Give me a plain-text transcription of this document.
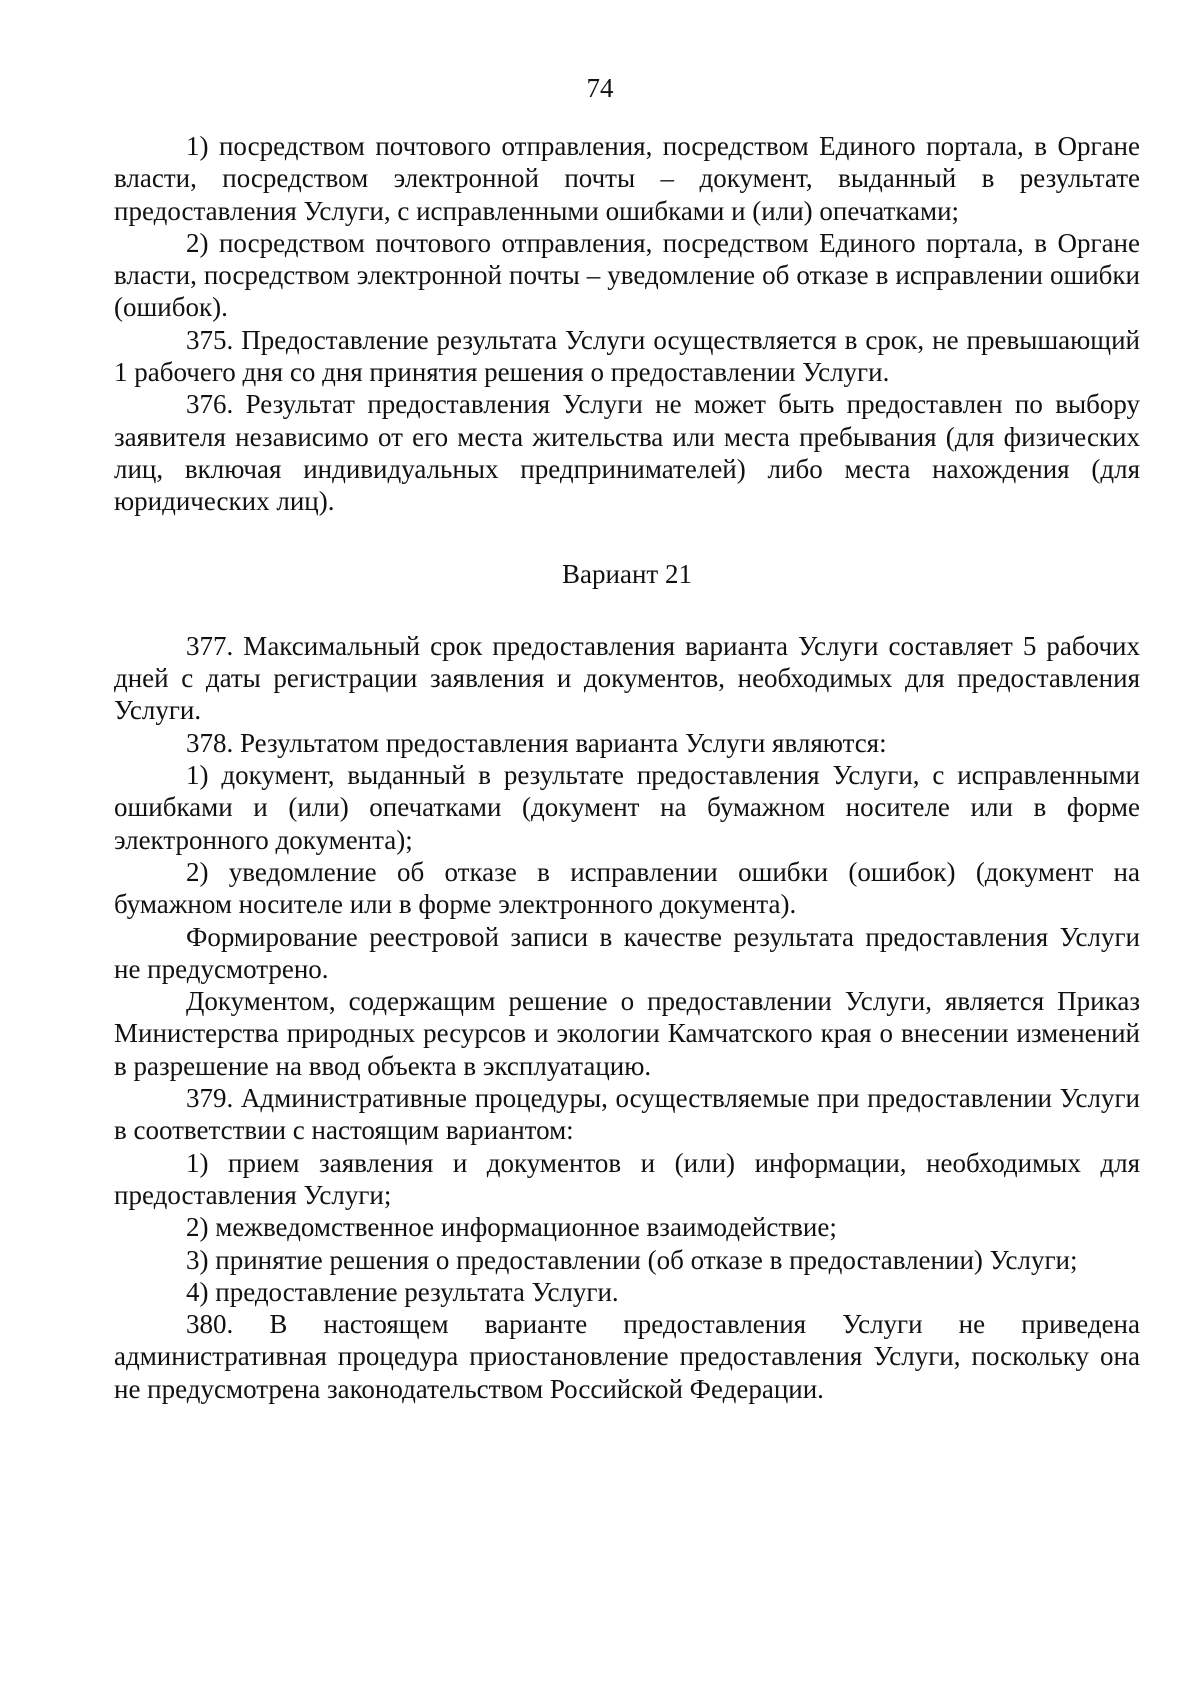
74

1) посредством почтового отправления, посредством Единого портала, в Органе власти, посредством электронной почты – документ, выданный в результате предоставления Услуги, с исправленными ошибками и (или) опечатками;

2) посредством почтового отправления, посредством Единого портала, в Органе власти, посредством электронной почты – уведомление об отказе в исправлении ошибки (ошибок).

375. Предоставление результата Услуги осуществляется в срок, не превышающий 1 рабочего дня со дня принятия решения о предоставлении Услуги.

376. Результат предоставления Услуги не может быть предоставлен по выбору заявителя независимо от его места жительства или места пребывания (для физических лиц, включая индивидуальных предпринимателей) либо места нахождения (для юридических лиц).

Вариант 21

377. Максимальный срок предоставления варианта Услуги составляет 5 рабочих дней с даты регистрации заявления и документов, необходимых для предоставления Услуги.

378. Результатом предоставления варианта Услуги являются:

1) документ, выданный в результате предоставления Услуги, с исправленными ошибками и (или) опечатками (документ на бумажном носителе или в форме электронного документа);

2) уведомление об отказе в исправлении ошибки (ошибок) (документ на бумажном носителе или в форме электронного документа).

Формирование реестровой записи в качестве результата предоставления Услуги не предусмотрено.

Документом, содержащим решение о предоставлении Услуги, является Приказ Министерства природных ресурсов и экологии Камчатского края о внесении изменений в разрешение на ввод объекта в эксплуатацию.

379. Административные процедуры, осуществляемые при предоставлении Услуги в соответствии с настоящим вариантом:

1) прием заявления и документов и (или) информации, необходимых для предоставления Услуги;

2) межведомственное информационное взаимодействие;

3) принятие решения о предоставлении (об отказе в предоставлении) Услуги;

4) предоставление результата Услуги.

380. В настоящем варианте предоставления Услуги не приведена административная процедура приостановление предоставления Услуги, поскольку она не предусмотрена законодательством Российской Федерации.
